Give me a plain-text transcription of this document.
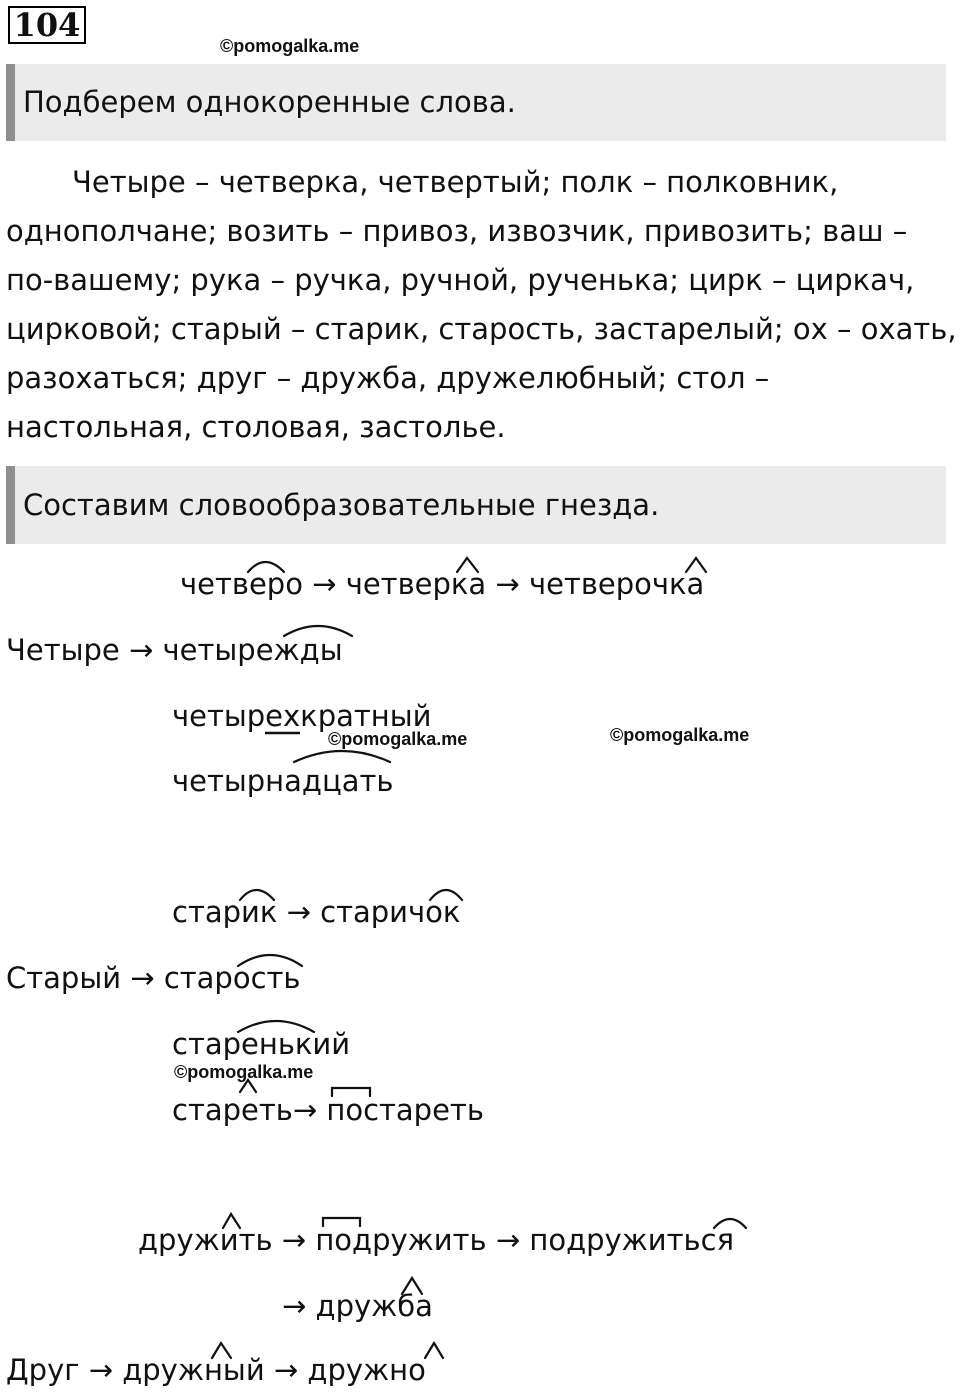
104
©pomogalka.me
©pomogalka.me	©pomogalka.me
©pomogalka.me
Подберем однокоренные слова.
Четыре – четверка, четвертый; полк – полковник, однополчане; возить – привоз, извозчик, привозить; ваш – по-вашему; рука – ручка, ручной, рученька; цирк – циркач, цирковой; старый – старик, старость, застарелый; ох – охать, разохаться; друг – дружба, дружелюбный; стол – настольная, столовая, застолье.
Составим словообразовательные гнезда.
четверо → четверка → четверочка
Четыре → четырежды
четырехкратный
четырнадцать
старик → старичок
Старый → старость
старенький
стареть→ постареть
дружить → подружить → подружиться
→ дружба
Друг → дружный → дружно
